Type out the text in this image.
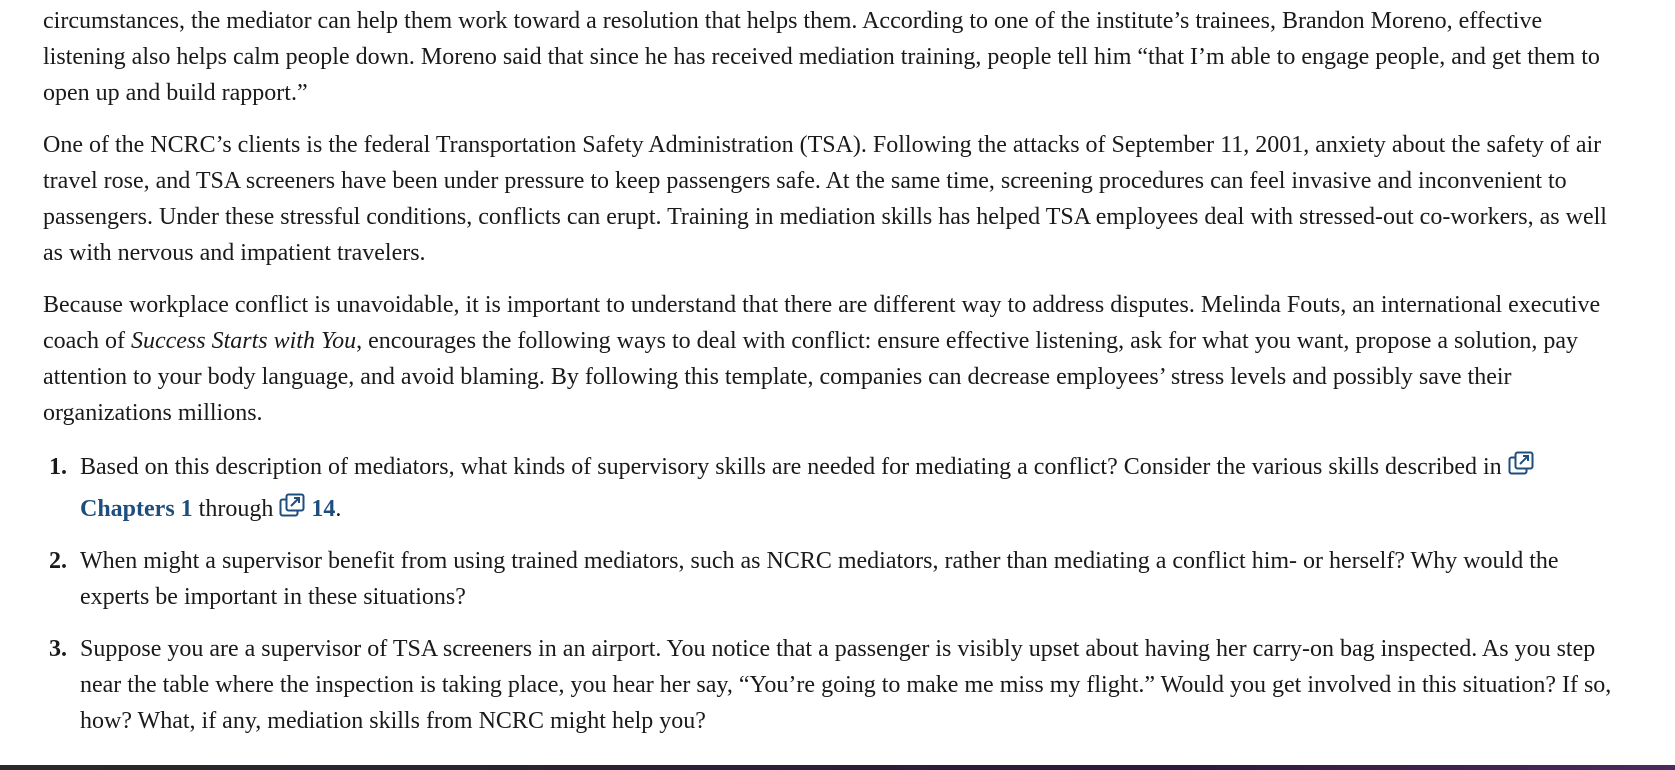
circumstances, the mediator can help them work toward a resolution that helps them. According to one of the institute’s trainees, Brandon Moreno, effective listening also helps calm people down. Moreno said that since he has received mediation training, people tell him “that I’m able to engage people, and get them to open up and build rapport.”

One of the NCRC’s clients is the federal Transportation Safety Administration (TSA). Following the attacks of September 11, 2001, anxiety about the safety of air travel rose, and TSA screeners have been under pressure to keep passengers safe. At the same time, screening procedures can feel invasive and inconvenient to passengers. Under these stressful conditions, conflicts can erupt. Training in mediation skills has helped TSA employees deal with stressed-out co-workers, as well as with nervous and impatient travelers.

Because workplace conflict is unavoidable, it is important to understand that there are different way to address disputes. Melinda Fouts, an international executive coach of Success Starts with You, encourages the following ways to deal with conflict: ensure effective listening, ask for what you want, propose a solution, pay attention to your body language, and avoid blaming. By following this template, companies can decrease employees’ stress levels and possibly save their organizations millions.

1. Based on this description of mediators, what kinds of supervisory skills are needed for mediating a conflict? Consider the various skills described in Chapters 1 through 14.
2. When might a supervisor benefit from using trained mediators, such as NCRC mediators, rather than mediating a conflict him- or herself? Why would the experts be important in these situations?
3. Suppose you are a supervisor of TSA screeners in an airport. You notice that a passenger is visibly upset about having her carry-on bag inspected. As you step near the table where the inspection is taking place, you hear her say, “You’re going to make me miss my flight.” Would you get involved in this situation? If so, how? What, if any, mediation skills from NCRC might help you?
